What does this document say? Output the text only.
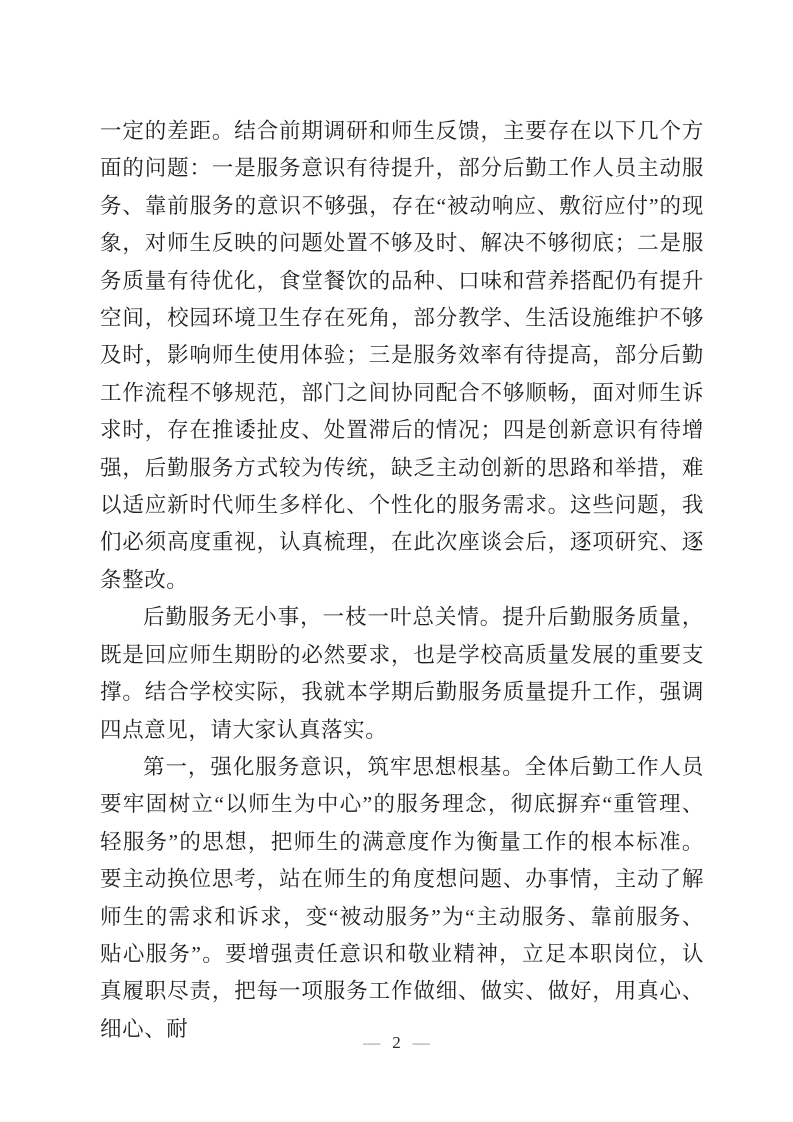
一定的差距。结合前期调研和师生反馈，主要存在以下几个方面的问题：一是服务意识有待提升，部分后勤工作人员主动服务、靠前服务的意识不够强，存在“被动响应、敷衍应付”的现象，对师生反映的问题处置不够及时、解决不够彻底；二是服务质量有待优化，食堂餐饮的品种、口味和营养搭配仍有提升空间，校园环境卫生存在死角，部分教学、生活设施维护不够及时，影响师生使用体验；三是服务效率有待提高，部分后勤工作流程不够规范，部门之间协同配合不够顺畅，面对师生诉求时，存在推诿扯皮、处置滞后的情况；四是创新意识有待增强，后勤服务方式较为传统，缺乏主动创新的思路和举措，难以适应新时代师生多样化、个性化的服务需求。这些问题，我们必须高度重视，认真梳理，在此次座谈会后，逐项研究、逐条整改。

后勤服务无小事，一枝一叶总关情。提升后勤服务质量，既是回应师生期盼的必然要求，也是学校高质量发展的重要支撑。结合学校实际，我就本学期后勤服务质量提升工作，强调四点意见，请大家认真落实。

第一，强化服务意识，筑牢思想根基。全体后勤工作人员要牢固树立“以师生为中心”的服务理念，彻底摒弃“重管理、轻服务”的思想，把师生的满意度作为衡量工作的根本标准。要主动换位思考，站在师生的角度想问题、办事情，主动了解师生的需求和诉求，变“被动服务”为“主动服务、靠前服务、贴心服务”。要增强责任意识和敬业精神，立足本职岗位，认真履职尽责，把每一项服务工作做细、做实、做好，用真心、细心、耐

— 2 —
